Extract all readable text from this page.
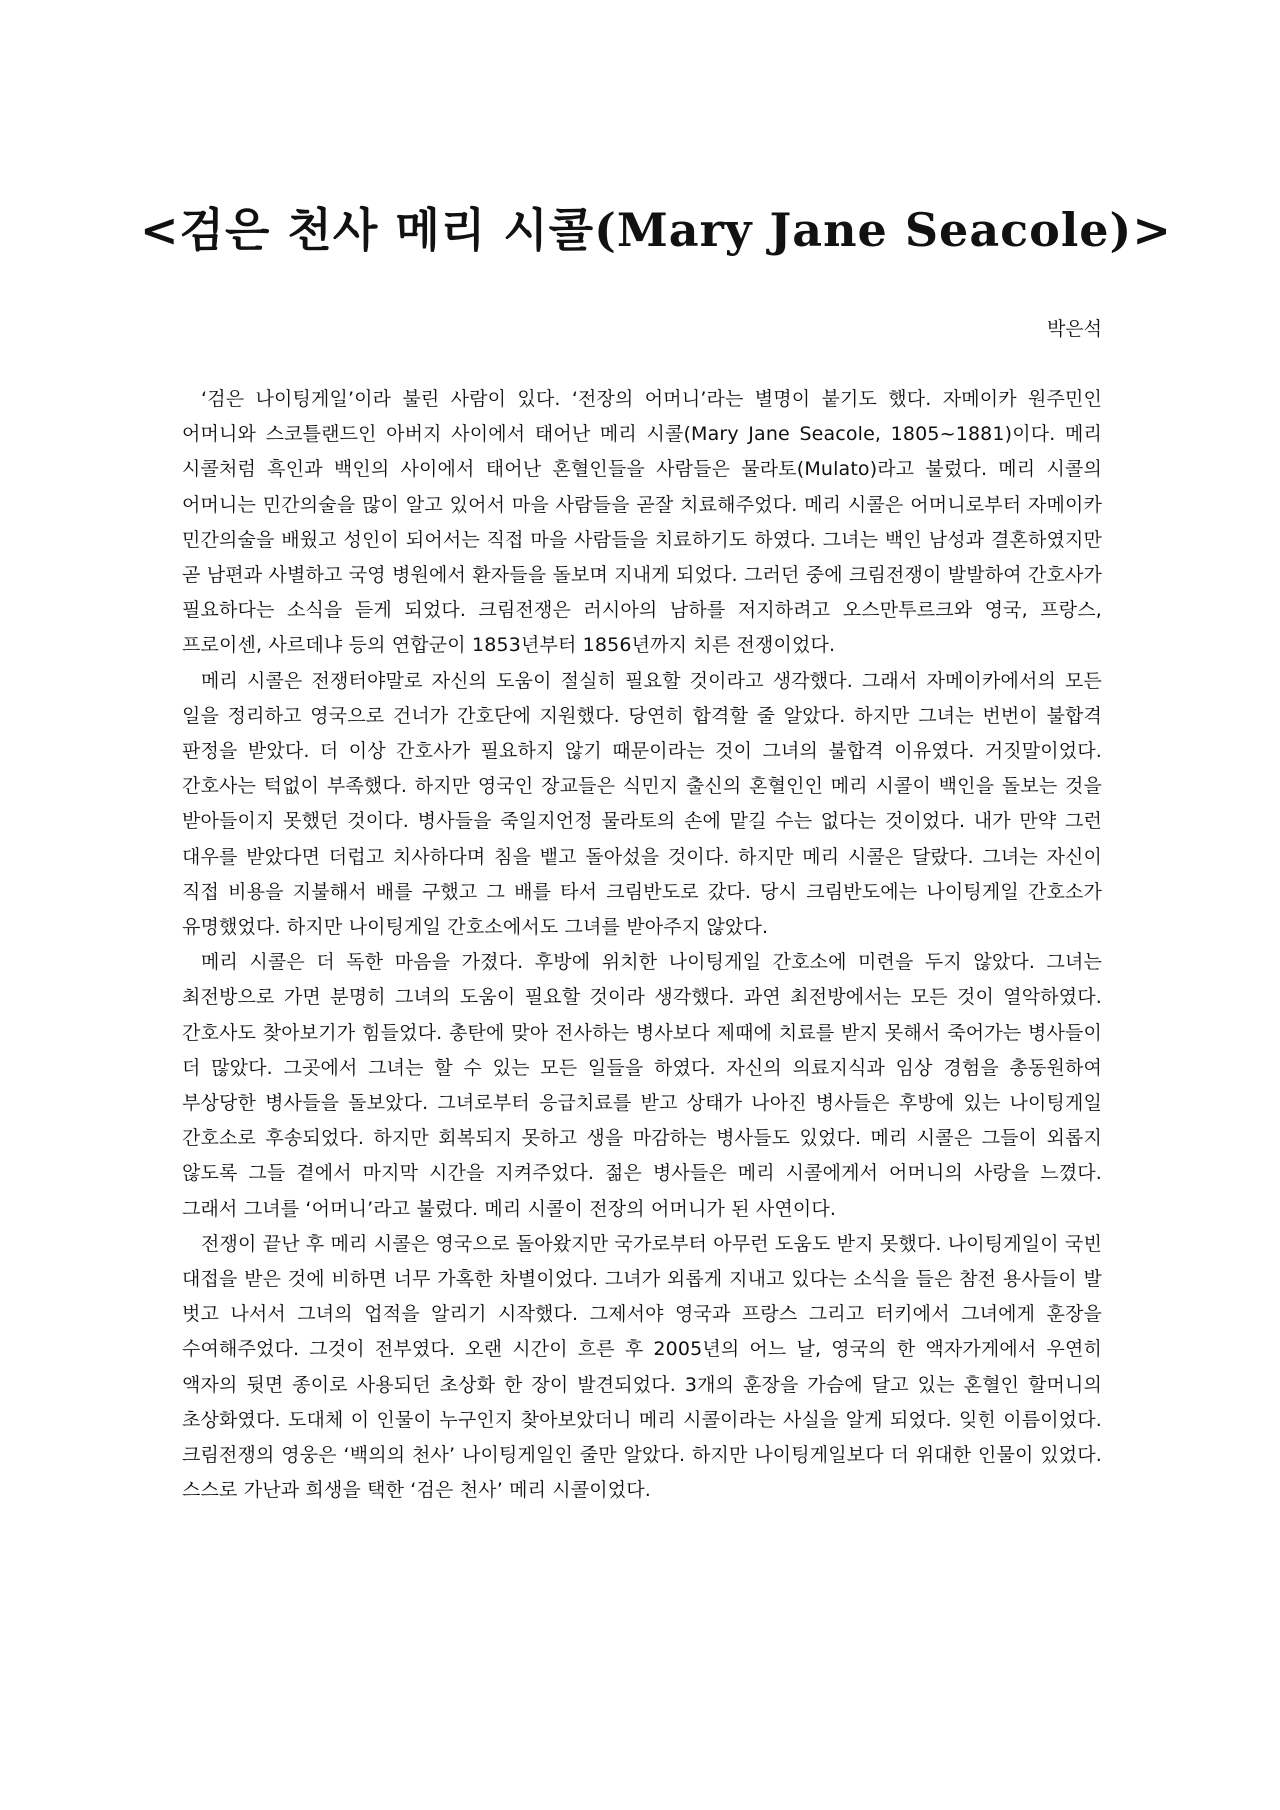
<검은 천사 메리 시콜(Mary Jane Seacole)>
박은석

‘검은 나이팅게일’이라 불린 사람이 있다. ‘전장의 어머니’라는 별명이 붙기도 했다. 자메이카 원주민인 어머니와 스코틀랜드인 아버지 사이에서 태어난 메리 시콜(Mary Jane Seacole, 1805~1881)이다. 메리 시콜처럼 흑인과 백인의 사이에서 태어난 혼혈인들을 사람들은 물라토(Mulato)라고 불렀다. 메리 시콜의 어머니는 민간의술을 많이 알고 있어서 마을 사람들을 곧잘 치료해주었다. 메리 시콜은 어머니로부터 자메이카 민간의술을 배웠고 성인이 되어서는 직접 마을 사람들을 치료하기도 하였다. 그녀는 백인 남성과 결혼하였지만 곧 남편과 사별하고 국영 병원에서 환자들을 돌보며 지내게 되었다. 그러던 중에 크림전쟁이 발발하여 간호사가 필요하다는 소식을 듣게 되었다. 크림전쟁은 러시아의 남하를 저지하려고 오스만투르크와 영국, 프랑스, 프로이센, 사르데냐 등의 연합군이 1853년부터 1856년까지 치른 전쟁이었다.

메리 시콜은 전쟁터야말로 자신의 도움이 절실히 필요할 것이라고 생각했다. 그래서 자메이카에서의 모든 일을 정리하고 영국으로 건너가 간호단에 지원했다. 당연히 합격할 줄 알았다. 하지만 그녀는 번번이 불합격 판정을 받았다. 더 이상 간호사가 필요하지 않기 때문이라는 것이 그녀의 불합격 이유였다. 거짓말이었다. 간호사는 턱없이 부족했다. 하지만 영국인 장교들은 식민지 출신의 혼혈인인 메리 시콜이 백인을 돌보는 것을 받아들이지 못했던 것이다. 병사들을 죽일지언정 물라토의 손에 맡길 수는 없다는 것이었다. 내가 만약 그런 대우를 받았다면 더럽고 치사하다며 침을 뱉고 돌아섰을 것이다. 하지만 메리 시콜은 달랐다. 그녀는 자신이 직접 비용을 지불해서 배를 구했고 그 배를 타서 크림반도로 갔다. 당시 크림반도에는 나이팅게일 간호소가 유명했었다. 하지만 나이팅게일 간호소에서도 그녀를 받아주지 않았다.

메리 시콜은 더 독한 마음을 가졌다. 후방에 위치한 나이팅게일 간호소에 미련을 두지 않았다. 그녀는 최전방으로 가면 분명히 그녀의 도움이 필요할 것이라 생각했다. 과연 최전방에서는 모든 것이 열악하였다. 간호사도 찾아보기가 힘들었다. 총탄에 맞아 전사하는 병사보다 제때에 치료를 받지 못해서 죽어가는 병사들이 더 많았다. 그곳에서 그녀는 할 수 있는 모든 일들을 하였다. 자신의 의료지식과 임상 경험을 총동원하여 부상당한 병사들을 돌보았다. 그녀로부터 응급치료를 받고 상태가 나아진 병사들은 후방에 있는 나이팅게일 간호소로 후송되었다. 하지만 회복되지 못하고 생을 마감하는 병사들도 있었다. 메리 시콜은 그들이 외롭지 않도록 그들 곁에서 마지막 시간을 지켜주었다. 젊은 병사들은 메리 시콜에게서 어머니의 사랑을 느꼈다. 그래서 그녀를 ‘어머니’라고 불렀다. 메리 시콜이 전장의 어머니가 된 사연이다.

전쟁이 끝난 후 메리 시콜은 영국으로 돌아왔지만 국가로부터 아무런 도움도 받지 못했다. 나이팅게일이 국빈 대접을 받은 것에 비하면 너무 가혹한 차별이었다. 그녀가 외롭게 지내고 있다는 소식을 들은 참전 용사들이 발 벗고 나서서 그녀의 업적을 알리기 시작했다. 그제서야 영국과 프랑스 그리고 터키에서 그녀에게 훈장을 수여해주었다. 그것이 전부였다. 오랜 시간이 흐른 후 2005년의 어느 날, 영국의 한 액자가게에서 우연히 액자의 뒷면 종이로 사용되던 초상화 한 장이 발견되었다. 3개의 훈장을 가슴에 달고 있는 혼혈인 할머니의 초상화였다. 도대체 이 인물이 누구인지 찾아보았더니 메리 시콜이라는 사실을 알게 되었다. 잊힌 이름이었다. 크림전쟁의 영웅은 ‘백의의 천사’ 나이팅게일인 줄만 알았다. 하지만 나이팅게일보다 더 위대한 인물이 있었다. 스스로 가난과 희생을 택한 ‘검은 천사’ 메리 시콜이었다.
